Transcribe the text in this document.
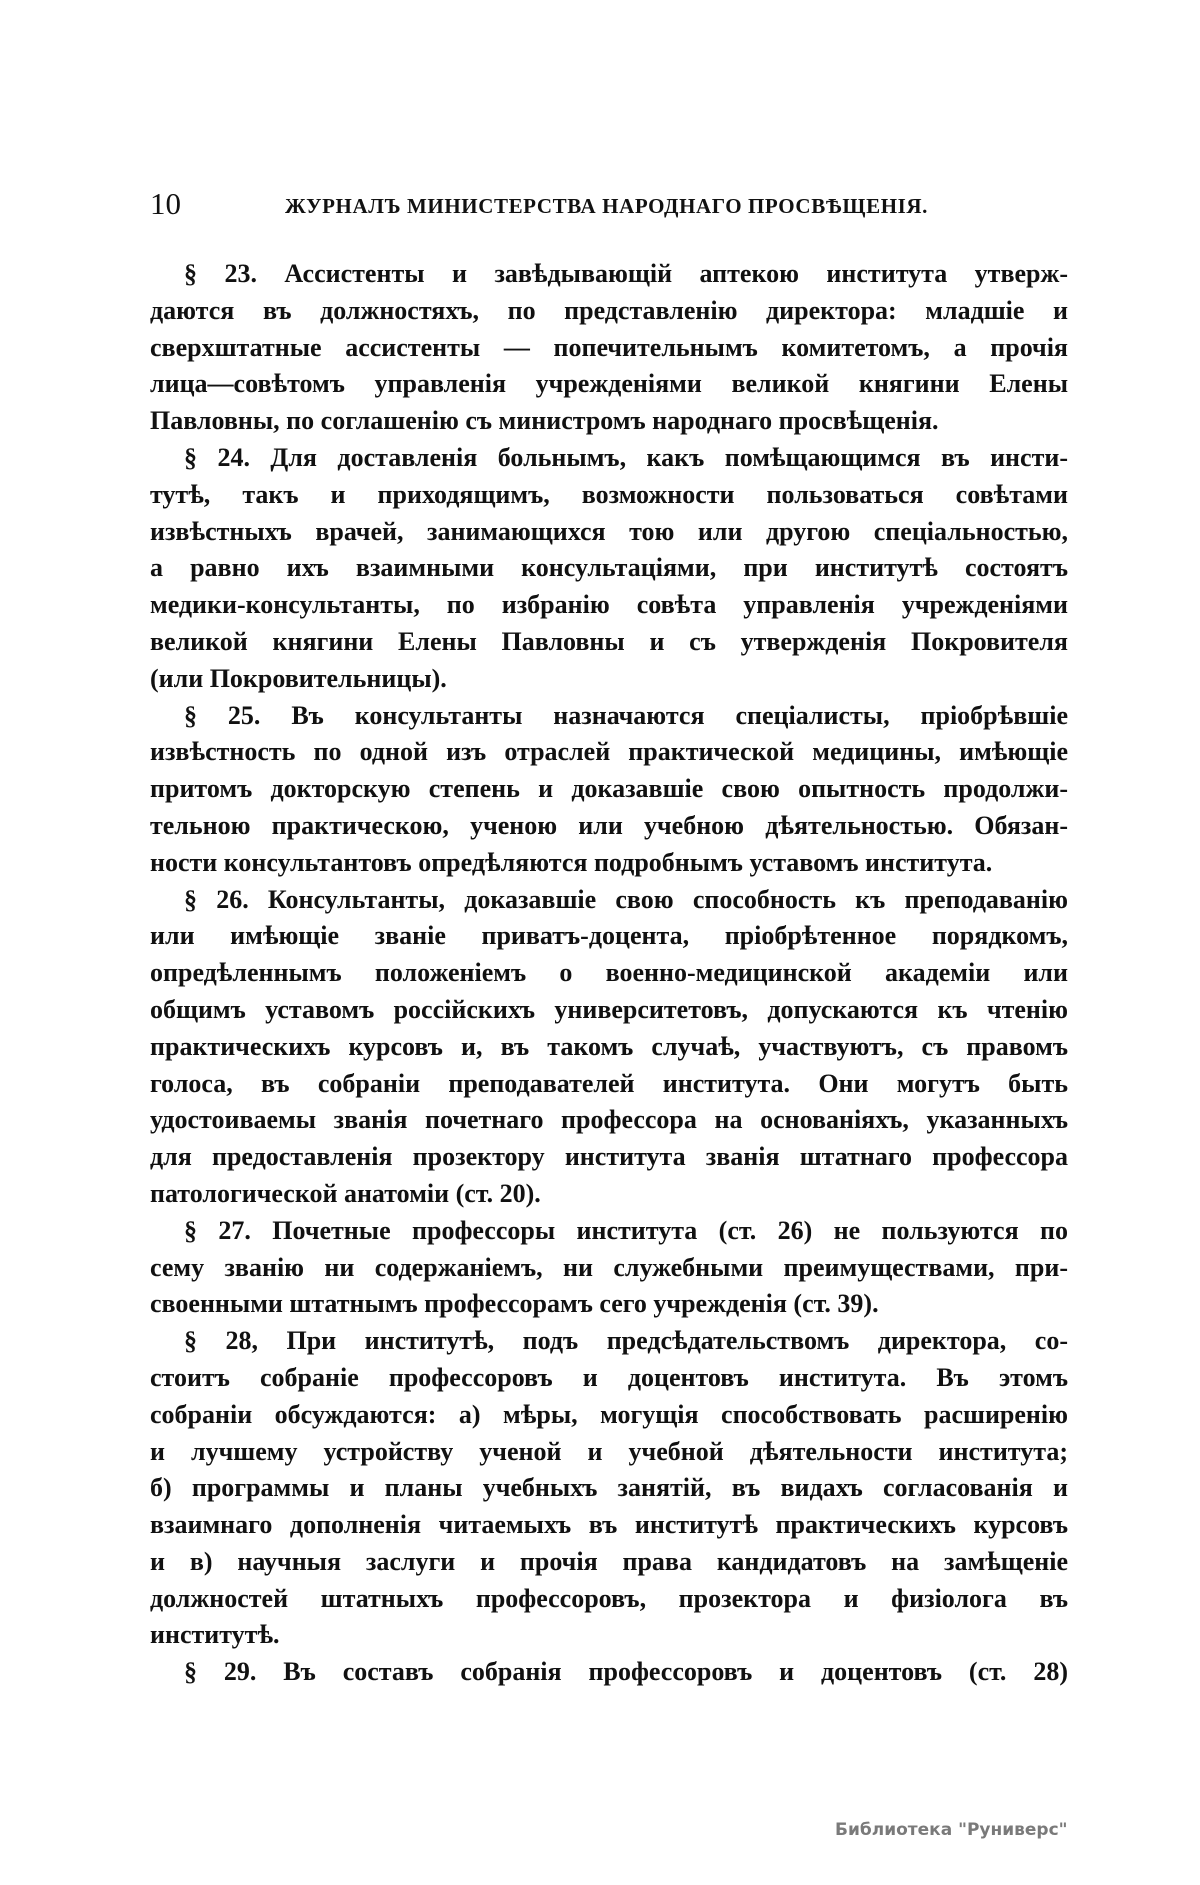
10	ЖУРНАЛЪ МИНИСТЕРСТВА НАРОДНАГО ПРОСВѢЩЕНІЯ.
§ 23. Ассистенты и завѣдывающій аптекою института утверж-
даются въ должностяхъ, по представленію директора: младшіе и
сверхштатные ассистенты — попечительнымъ комитетомъ, а прочія
лица—совѣтомъ управленія учрежденіями великой княгини Елены
Павловны, по соглашенію съ министромъ народнаго просвѣщенія.
§ 24. Для доставленія больнымъ, какъ помѣщающимся въ инсти-
тутѣ, такъ и приходящимъ, возможности пользоваться совѣтами
извѣстныхъ врачей, занимающихся тою или другою спеціальностью,
а равно ихъ взаимными консультаціями, при институтѣ состоятъ
медики-консультанты, по избранію совѣта управленія учрежденіями
великой княгини Елены Павловны и съ утвержденія Покровителя
(или Покровительницы).
§ 25. Въ консультанты назначаются спеціалисты, пріобрѣвшіе
извѣстность по одной изъ отраслей практической медицины, имѣющіе
притомъ докторскую степень и доказавшіе свою опытность продолжи-
тельною практическою, ученою или учебною дѣятельностью. Обязан-
ности консультантовъ опредѣляются подробнымъ уставомъ института.
§ 26. Консультанты, доказавшіе свою способность къ преподаванію
или имѣющіе званіе приватъ-доцента, пріобрѣтенное порядкомъ,
опредѣленнымъ положеніемъ о военно-медицинской академіи или
общимъ уставомъ россійскихъ университетовъ, допускаются къ чтенію
практическихъ курсовъ и, въ такомъ случаѣ, участвуютъ, съ правомъ
голоса, въ собраніи преподавателей института. Они могутъ быть
удостоиваемы званія почетнаго профессора на основаніяхъ, указанныхъ
для предоставленія прозектору института званія штатнаго профессора
патологической анатоміи (ст. 20).
§ 27. Почетные профессоры института (ст. 26) не пользуются по
сему званію ни содержаніемъ, ни служебными преимуществами, при-
своенными штатнымъ профессорамъ сего учрежденія (ст. 39).
§ 28, При институтѣ, подъ предсѣдательствомъ директора, со-
стоитъ собраніе профессоровъ и доцентовъ института. Въ этомъ
собраніи обсуждаются: а) мѣры, могущія способствовать расширенію
и лучшему устройству ученой и учебной дѣятельности института;
б) программы и планы учебныхъ занятій, въ видахъ согласованія и
взаимнаго дополненія читаемыхъ въ институтѣ практическихъ курсовъ
и в) научныя заслуги и прочія права кандидатовъ на замѣщеніе
должностей штатныхъ профессоровъ, прозектора и физіолога въ
институтѣ.
§ 29. Въ составъ собранія профессоровъ и доцентовъ (ст. 28)
Библиотека "Руниверс"
